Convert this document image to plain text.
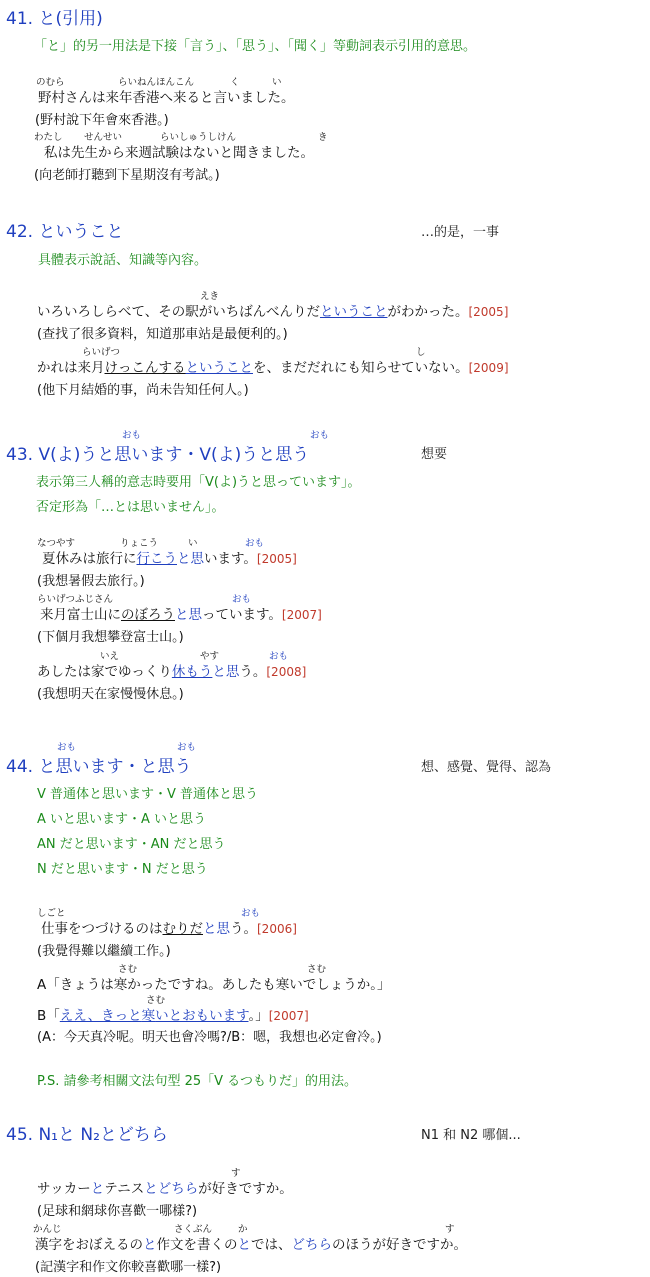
41. と(引用)
「と」的另一用法是下接「言う」、「思う」、「聞く」等動詞表示引用的意思。
野村さんは来年香港へ来ると言いました。
のむら	らいねんほんこん	く	い
(野村說下年會來香港。)
私は先生から来週試験はないと聞きました。
わたし せんせい	らいしゅうしけん	き
(向老師打聽到下星期沒有考試。)
42. ということ	…的是，一事
具體表示說話、知識等內容。
いろいろしらべて、その駅がいちばんべんりだということがわかった。[2005]
えき
(查找了很多資料，知道那車站是最便利的。)
かれは来月けっこんするということを、まだだれにも知らせていない。[2009]
らいげつ	し
(他下月結婚的事，尚未告知任何人。)
43. V(よ)うと思います・V(よ)うと思う
おも	おも
想要
表示第三人稱的意志時要用「V(よ)うと思っています」。
否定形為「…とは思いません」。
夏休みは旅行に行こうと思います。[2005]
なつやす	りょこう	い	おも
(我想暑假去旅行。)
来月富士山にのぼろうと思っています。[2007]
らいげつふじさん	おも
(下個月我想攀登富士山。)
あしたは家でゆっくり休もうと思う。[2008]
いえ	やす	おも
(我想明天在家慢慢休息。)
44. と思います・と思う
おも	おも
想、感覺、覺得、認為
V 普通体と思います・V 普通体と思う
A いと思います・A いと思う
AN だと思います・AN だと思う
N だと思います・N だと思う
仕事をつづけるのはむりだと思う。[2006]
しごと	おも
(我覺得難以繼續工作。)
A「きょうは寒かったですね。あしたも寒いでしょうか。」
さむ	さむ
B「ええ、きっと寒いとおもいます。」[2007]
さむ
(A：今天真冷呢。明天也會冷嗎?/B：嗯，我想也必定會冷。)
P.S. 請參考相關文法句型 25「V るつもりだ」的用法。
45. N₁と N₂とどちら	N1 和 N2 哪個...
サッカーとテニスとどちらが好きですか。
す
(足球和網球你喜歡一哪樣?)
漢字をおぼえるのと作文を書くのとでは、どちらのほうが好きですか。
かんじ	さくぶん	か	す
(記漢字和作文你較喜歡哪一樣?)
